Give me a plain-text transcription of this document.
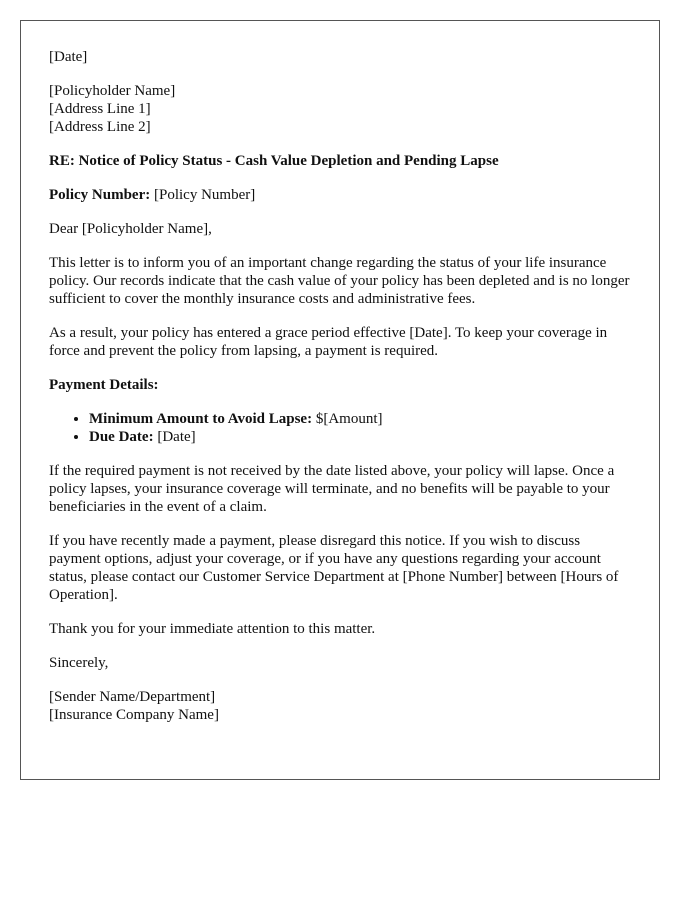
[Date]

[Policyholder Name]
[Address Line 1]
[Address Line 2]

RE: Notice of Policy Status - Cash Value Depletion and Pending Lapse

Policy Number: [Policy Number]

Dear [Policyholder Name],

This letter is to inform you of an important change regarding the status of your life insurance policy. Our records indicate that the cash value of your policy has been depleted and is no longer sufficient to cover the monthly insurance costs and administrative fees.

As a result, your policy has entered a grace period effective [Date]. To keep your coverage in force and prevent the policy from lapsing, a payment is required.

Payment Details:

• Minimum Amount to Avoid Lapse: $[Amount]
• Due Date: [Date]

If the required payment is not received by the date listed above, your policy will lapse. Once a policy lapses, your insurance coverage will terminate, and no benefits will be payable to your beneficiaries in the event of a claim.

If you have recently made a payment, please disregard this notice. If you wish to discuss payment options, adjust your coverage, or if you have any questions regarding your account status, please contact our Customer Service Department at [Phone Number] between [Hours of Operation].

Thank you for your immediate attention to this matter.

Sincerely,

[Sender Name/Department]
[Insurance Company Name]
